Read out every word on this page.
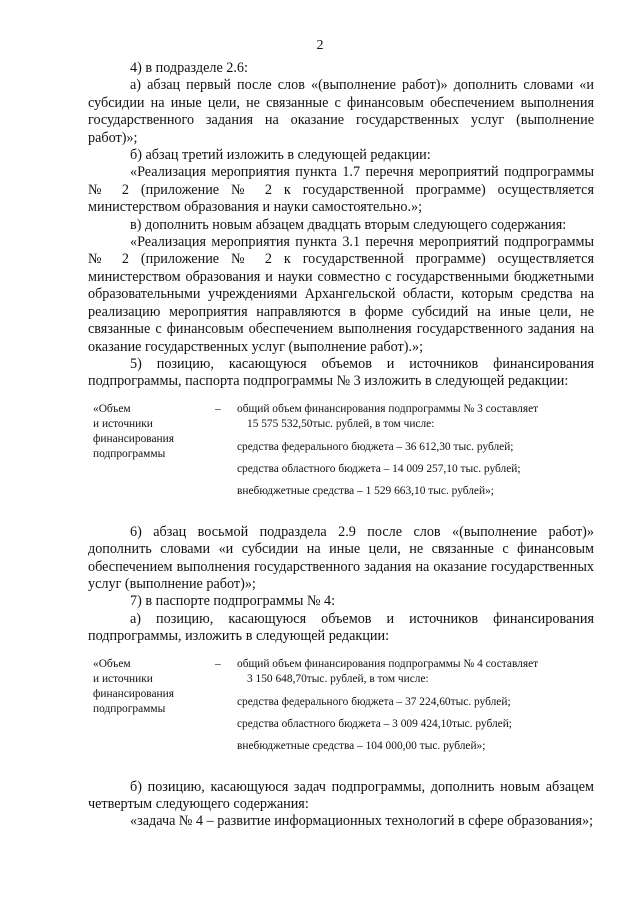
2

4) в подразделе 2.6:

а) абзац первый после слов «(выполнение работ)» дополнить словами «и субсидии на иные цели, не связанные с финансовым обеспечением выполнения государственного задания на оказание государственных услуг (выполнение работ)»;

б) абзац третий изложить в следующей редакции:

«Реализация мероприятия пункта 1.7 перечня мероприятий подпрограммы № 2 (приложение № 2 к государственной программе) осуществляется министерством образования и науки самостоятельно.»;

в) дополнить новым абзацем двадцать вторым следующего содержания:

«Реализация мероприятия пункта 3.1 перечня мероприятий подпрограммы № 2 (приложение № 2 к государственной программе) осуществляется министерством образования и науки совместно с государственными бюджетными образовательными учреждениями Архангельской области, которым средства на реализацию мероприятия направляются в форме субсидий на иные цели, не связанные с финансовым обеспечением выполнения государственного задания на оказание государственных услуг (выполнение работ).»;

5) позицию, касающуюся объемов и источников финансирования подпрограммы, паспорта подпрограммы № 3 изложить в следующей редакции:

«Объем
и источники
финансирования
подпрограммы
–	общий объем финансирования подпрограммы № 3 составляет
15 575 532,50тыс. рублей, в том числе:
средства федерального бюджета – 36 612,30 тыс. рублей;
средства областного бюджета – 14 009 257,10 тыс. рублей;
внебюджетные средства – 1 529 663,10 тыс. рублей»;

6) абзац восьмой подраздела 2.9 после слов «(выполнение работ)» дополнить словами «и субсидии на иные цели, не связанные с финансовым обеспечением выполнения государственного задания на оказание государственных услуг (выполнение работ)»;

7) в паспорте подпрограммы № 4:

а) позицию, касающуюся объемов и источников финансирования подпрограммы, изложить в следующей редакции:

«Объем
и источники
финансирования
подпрограммы
–	общий объем финансирования подпрограммы № 4 составляет
3 150 648,70тыс. рублей, в том числе:
средства федерального бюджета – 37 224,60тыс. рублей;
средства областного бюджета – 3 009 424,10тыс. рублей;
внебюджетные средства – 104 000,00 тыс. рублей»;

б) позицию, касающуюся задач подпрограммы, дополнить новым абзацем четвертым следующего содержания:

«задача № 4 – развитие информационных технологий в сфере образования»;
